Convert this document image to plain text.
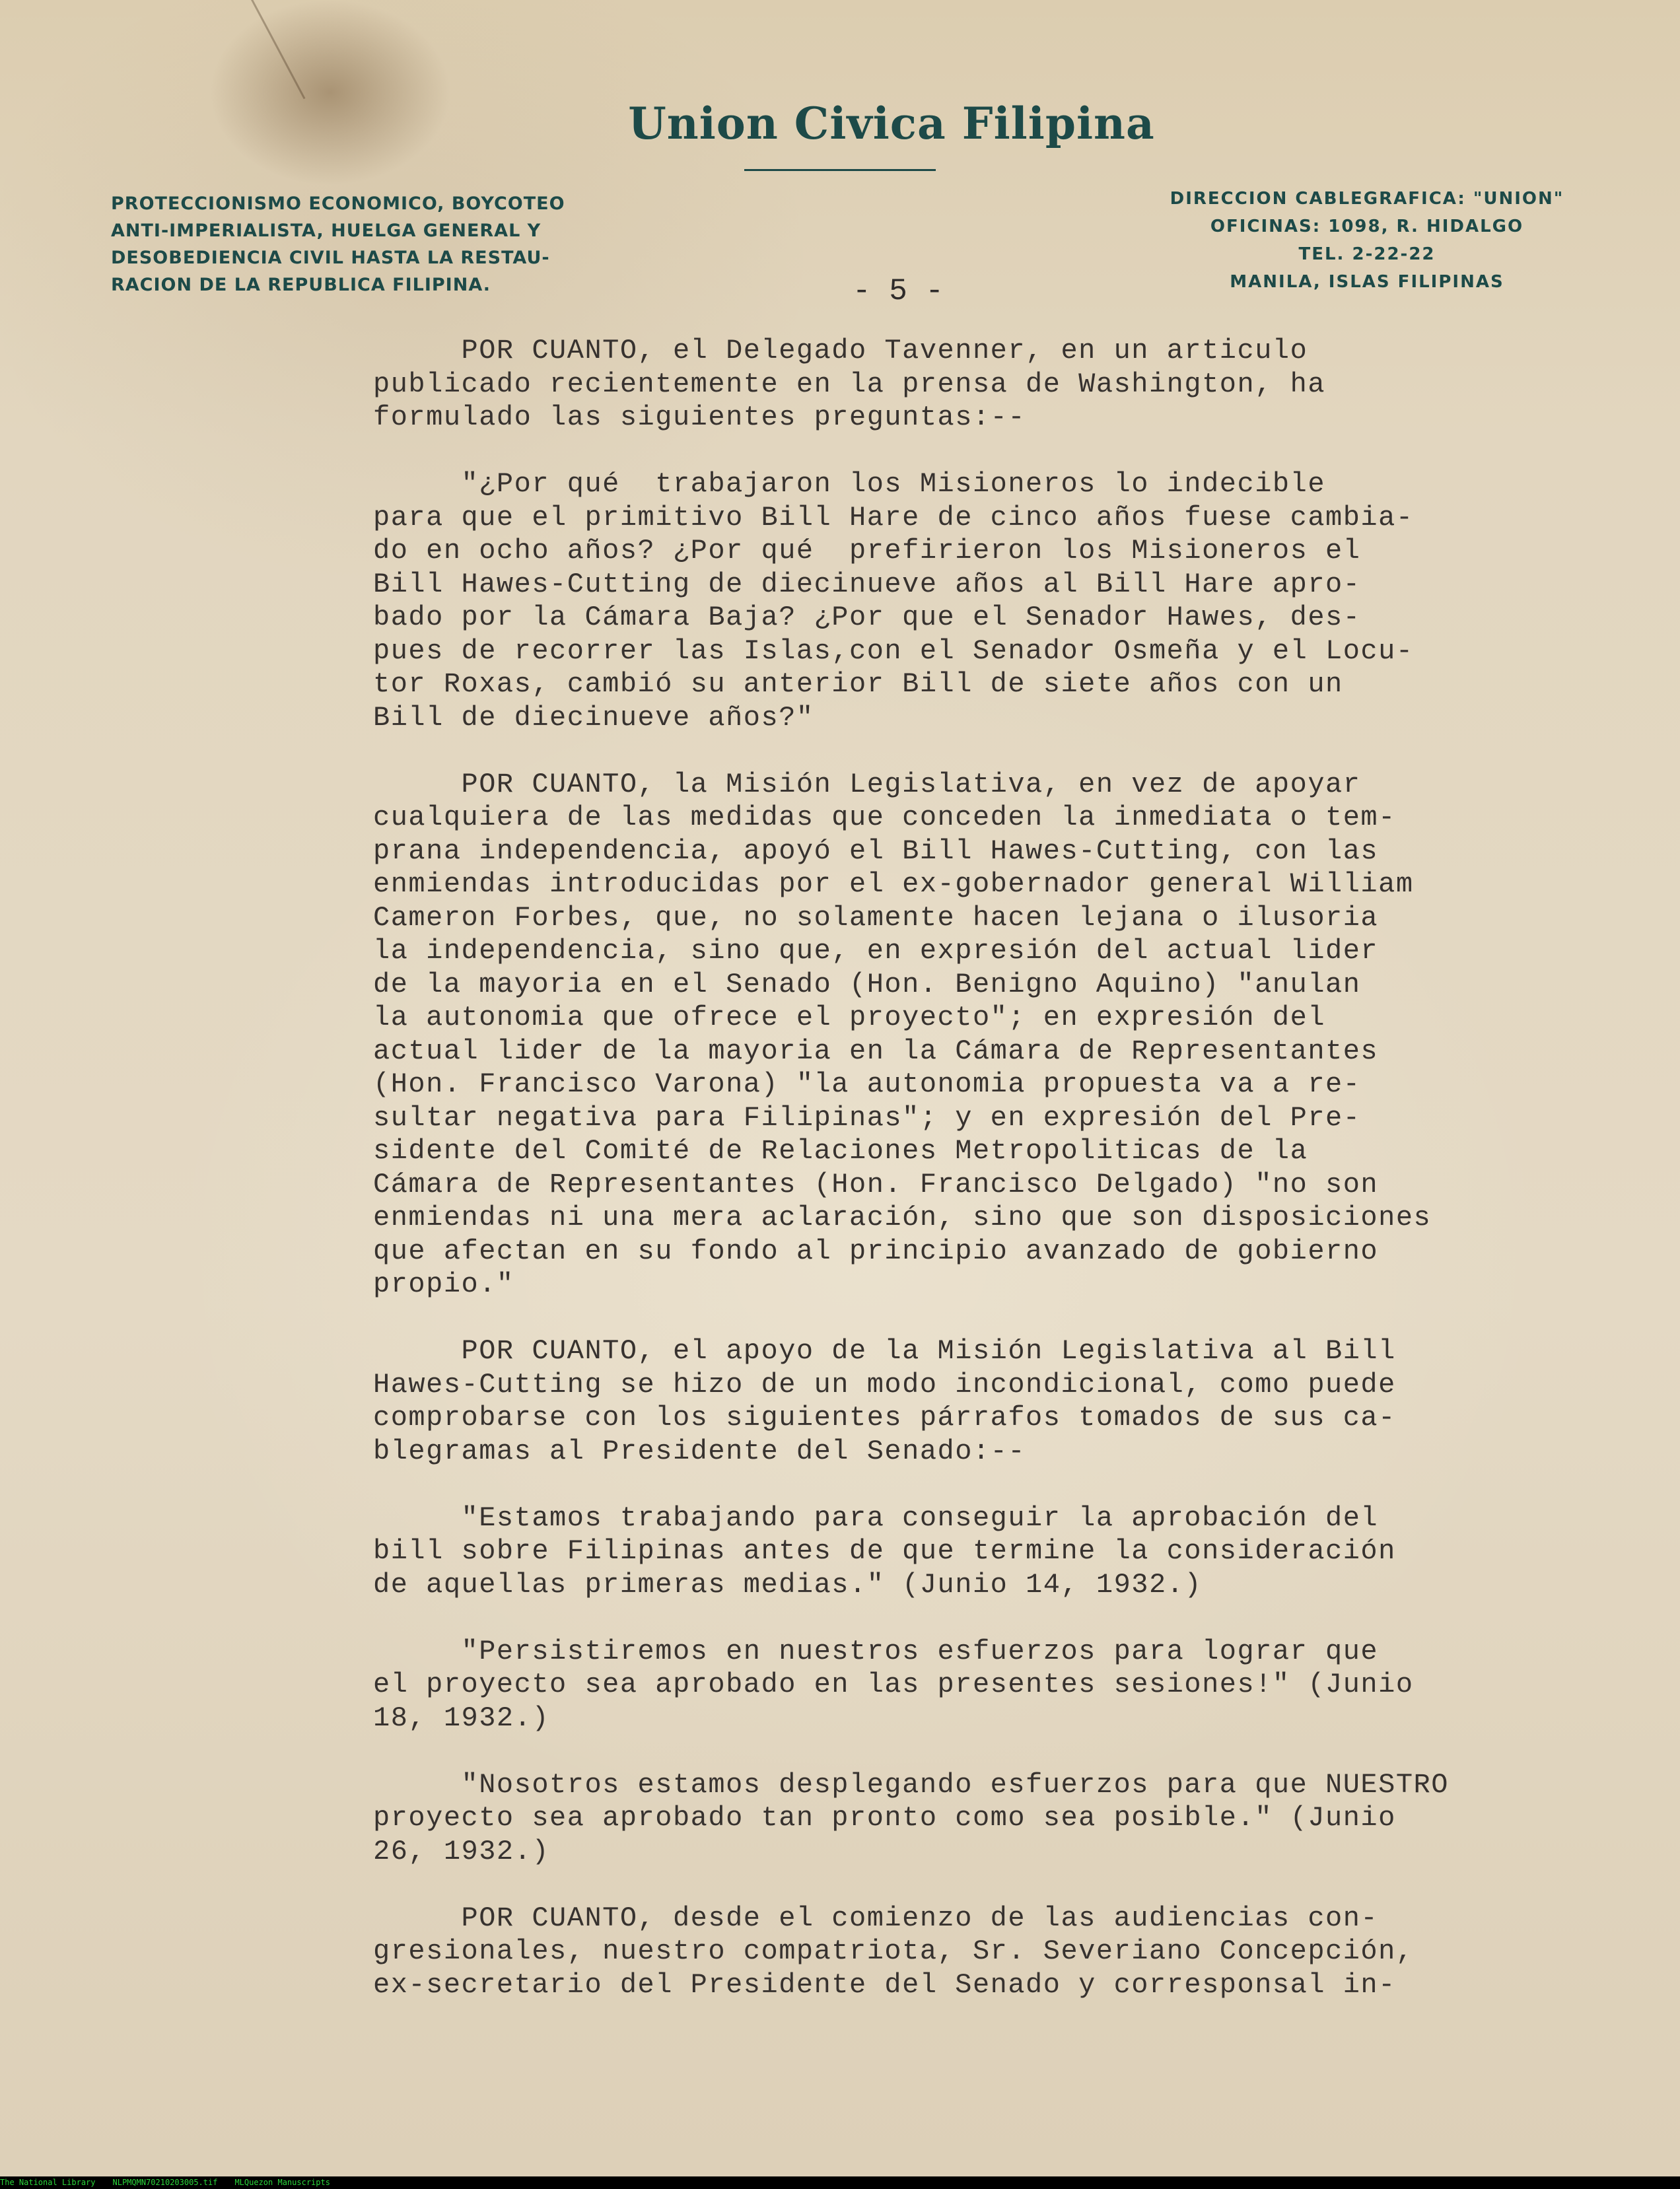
Union Civica Filipina
PROTECCIONISMO ECONOMICO, BOYCOTEO
ANTI-IMPERIALISTA, HUELGA GENERAL Y
DESOBEDIENCIA CIVIL HASTA LA RESTAU-
RACION DE LA REPUBLICA FILIPINA.
DIRECCION CABLEGRAFICA: "UNION"
OFICINAS: 1098, R. HIDALGO
TEL. 2-22-22
MANILA, ISLAS FILIPINAS
- 5 -
POR CUANTO, el Delegado Tavenner, en un articulo
publicado recientemente en la prensa de Washington, ha
formulado las siguientes preguntas:--
"¿Por qué  trabajaron los Misioneros lo indecible
para que el primitivo Bill Hare de cinco años fuese cambia-
do en ocho años? ¿Por qué  prefirieron los Misioneros el
Bill Hawes-Cutting de diecinueve años al Bill Hare apro-
bado por la Cámara Baja? ¿Por que el Senador Hawes, des-
pues de recorrer las Islas,con el Senador Osmeña y el Locu-
tor Roxas, cambió su anterior Bill de siete años con un
Bill de diecinueve años?"
POR CUANTO, la Misión Legislativa, en vez de apoyar
cualquiera de las medidas que conceden la inmediata o tem-
prana independencia, apoyó el Bill Hawes-Cutting, con las
enmiendas introducidas por el ex-gobernador general William
Cameron Forbes, que, no solamente hacen lejana o ilusoria
la independencia, sino que, en expresión del actual lider
de la mayoria en el Senado (Hon. Benigno Aquino) "anulan
la autonomia que ofrece el proyecto"; en expresión del
actual lider de la mayoria en la Cámara de Representantes
(Hon. Francisco Varona) "la autonomia propuesta va a re-
sultar negativa para Filipinas"; y en expresión del Pre-
sidente del Comité de Relaciones Metropoliticas de la
Cámara de Representantes (Hon. Francisco Delgado) "no son
enmiendas ni una mera aclaración, sino que son disposiciones
que afectan en su fondo al principio avanzado de gobierno
propio."
POR CUANTO, el apoyo de la Misión Legislativa al Bill
Hawes-Cutting se hizo de un modo incondicional, como puede
comprobarse con los siguientes párrafos tomados de sus ca-
blegramas al Presidente del Senado:--
"Estamos trabajando para conseguir la aprobación del
bill sobre Filipinas antes de que termine la consideración
de aquellas primeras medias." (Junio 14, 1932.)
"Persistiremos en nuestros esfuerzos para lograr que
el proyecto sea aprobado en las presentes sesiones!" (Junio
18, 1932.)
"Nosotros estamos desplegando esfuerzos para que NUESTRO
proyecto sea aprobado tan pronto como sea posible." (Junio
26, 1932.)
POR CUANTO, desde el comienzo de las audiencias con-
gresionales, nuestro compatriota, Sr. Severiano Concepción,
ex-secretario del Presidente del Senado y corresponsal in-
The National Library NLPMQMN70210203005.tif MLQuezon Manuscripts
